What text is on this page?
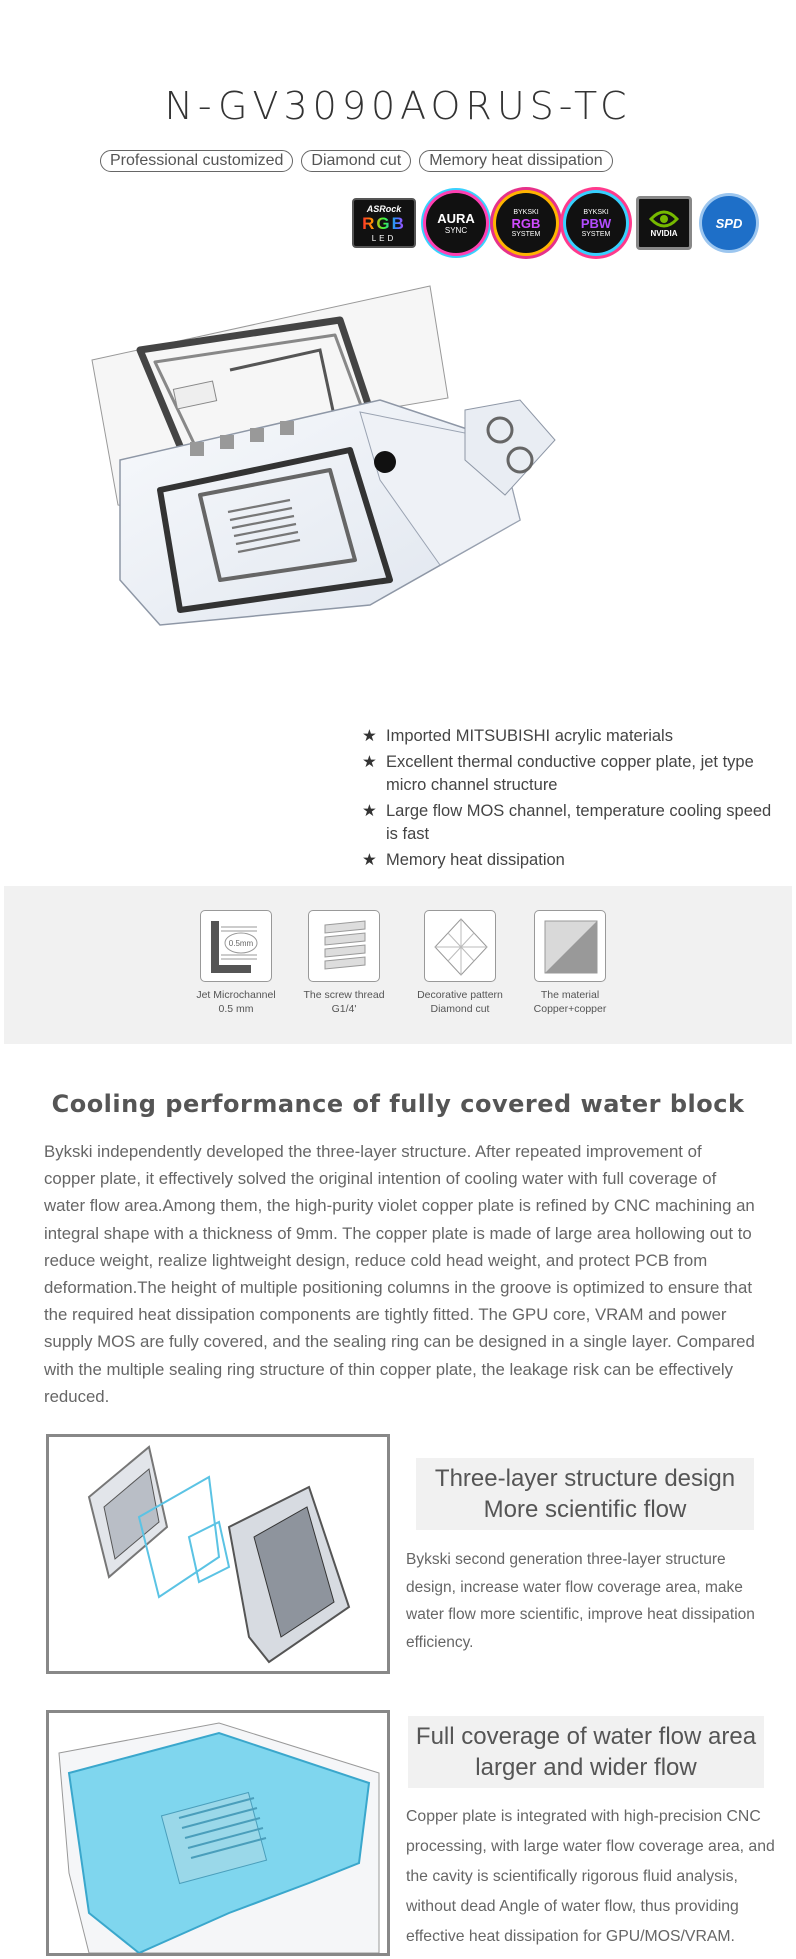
N-GV3090AORUS-TC
Professional customized	Diamond cut	Memory heat dissipation
ASRock
RGB
LED
AURA
SYNC
BYKSKI
RGB
SYSTEM
BYKSKI
PBW
SYSTEM	NVIDIA
SPD
★ Imported MITSUBISHI acrylic materials
★ Excellent thermal conductive copper plate, jet type micro channel structure
★ Large flow MOS channel, temperature cooling speed is fast
★ Memory heat dissipation
0.5mm
Jet Microchannel
0.5 mm
The screw thread
G1/4'
Decorative pattern
Diamond cut
The material
Copper+copper
Cooling performance of fully covered water block

Bykski independently developed the three-layer structure. After repeated improvement of copper plate, it effectively solved the original intention of cooling water with full coverage of water flow area.Among them, the high-purity violet copper plate is refined by CNC machining an integral shape with a thickness of 9mm. The copper plate is made of large area hollowing out to reduce weight, realize lightweight design, reduce cold head weight, and protect PCB from deformation.The height of multiple positioning columns in the groove is optimized to ensure that the required heat dissipation components are tightly fitted. The GPU core, VRAM and power supply MOS are fully covered, and the sealing ring can be designed in a single layer. Compared with the multiple sealing ring structure of thin copper plate, the leakage risk can be effectively reduced.

Three-layer structure design
More scientific flow

Bykski second generation three-layer structure design, increase water flow coverage area, make water flow more scientific, improve heat dissipation efficiency.

Full coverage of water flow area
larger and wider flow

Copper plate is integrated with high-precision CNC processing, with large water flow coverage area, and the cavity is scientifically rigorous fluid analysis, without dead Angle of water flow, thus providing effective heat dissipation for GPU/MOS/VRAM.
